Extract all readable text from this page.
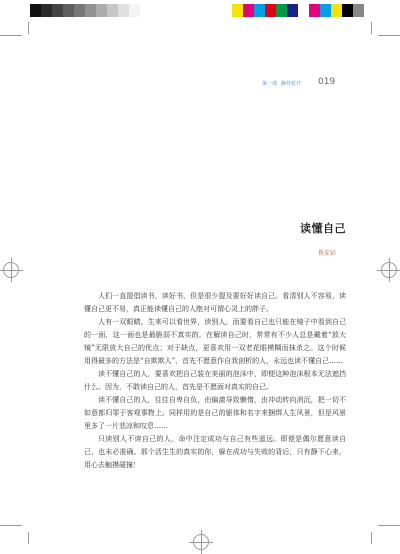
第一部 静待花开 019
读懂自己
佚安彩

人们一直提倡读书，读好书，但是很少提及要好好读自己。看清别人不容易，读懂自己更不易，真正能读懂自己的人绝对可谓心灵上的胖子。

人有一双眼睛，生来可以看世界，读别人，而要看自己也只能在镜子中看到自己的一面，这一面也是最脆弱不真实的。在解读自己时，常常有不少人总是戴着“放大镜”无限放大自己的优点；对于缺点，更喜欢用一双老花眼模糊而抹杀之。这个时候用得最多的方法是“自欺欺人”，首先不愿意作自我剖析的人，永远也读不懂自己……

读不懂自己的人，要喜欢把自己装在美丽的泡沫中，即便这种泡沫根本无法遮挡什么。因为，不敢读自己的人，首先是不愿面对真实的自己。

读不懂自己的人，往往自卑自负，由偏激导致懒惰，由冲动转向消沉，把一切不如意都归罪于客观事物上。同样用的是自己的躯体和名字来捆绑人生风景，但是风景里多了一片悲凉和叹息……

只读别人不读自己的人，命中注定成功与自己有些遥远。即便是偶尔愿意读自己，也未必准确。那个活生生的真实的你，躲在成功与失败的背后，只有静下心来，用心去触摸碰撞！
